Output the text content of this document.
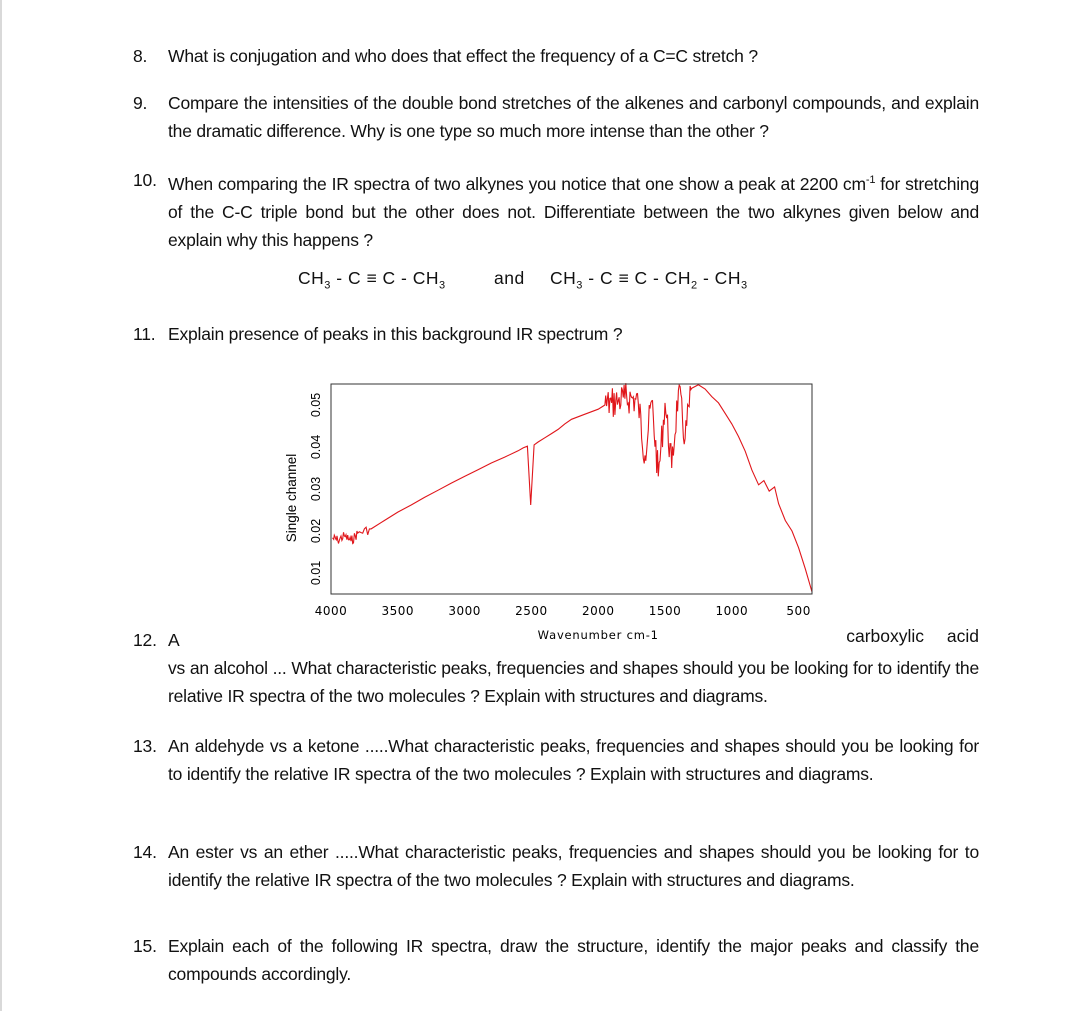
8. What is conjugation and who does that effect the frequency of a C=C stretch ?
9. Compare the intensities of the double bond stretches of the alkenes and carbonyl compounds, and explain the dramatic difference. Why is one type so much more intense than the other ?
10. When comparing the IR spectra of two alkynes you notice that one show a peak at 2200 $cm^{-1}$ for stretching of the C-C triple bond but the other does not. Differentiate between the two alkynes given below and explain why this happens ?
$CH_3 - C \equiv C - CH_3$	and $CH_3 - C \equiv C - CH_2 - CH_3$
11. Explain presence of peaks in this background IR spectrum ?
0.01
0.02
0.03
0.04
0.05
4000	3500	3000	2500	2000	1500	1000	500
Single channel
Wavenumber cm-1
12. A
vs an alcohol ... What characteristic peaks, frequencies and shapes should you be looking for to identify the relative IR spectra of the two molecules ? Explain with structures and diagrams.
carboxylic acid
13. An aldehyde vs a ketone .....What characteristic peaks, frequencies and shapes should you be looking for to identify the relative IR spectra of the two molecules ? Explain with structures and diagrams.
14. An ester vs an ether .....What characteristic peaks, frequencies and shapes should you be looking for to identify the relative IR spectra of the two molecules ? Explain with structures and diagrams.
15. Explain each of the following IR spectra, draw the structure, identify the major peaks and classify the compounds accordingly.
